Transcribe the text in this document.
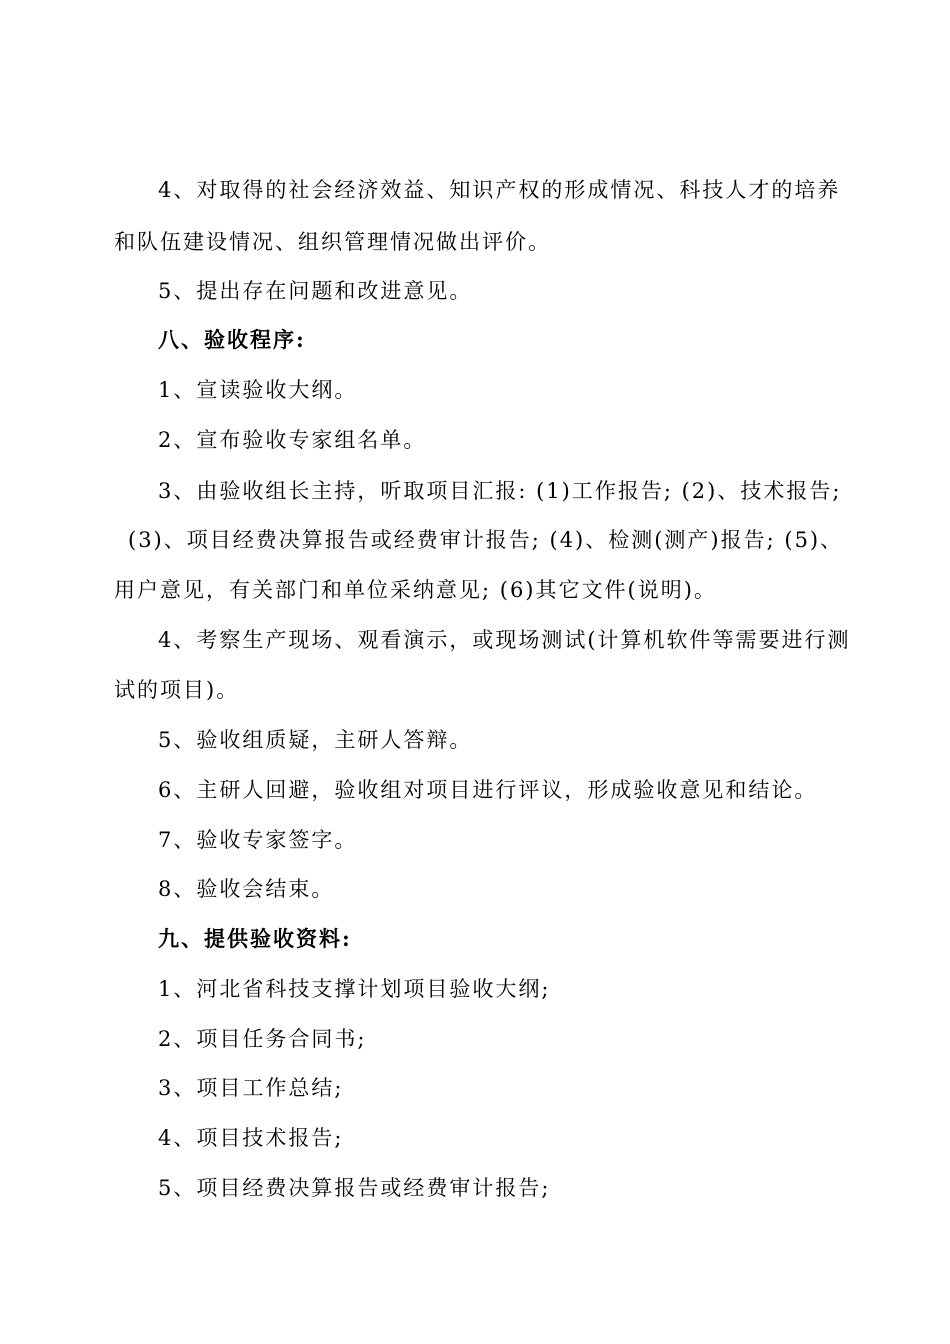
4、对取得的社会经济效益、知识产权的形成情况、科技人才的培养
和队伍建设情况、组织管理情况做出评价。
5、提出存在问题和改进意见。
八、验收程序:
1、宣读验收大纲。
2、宣布验收专家组名单。
3、由验收组长主持，听取项目汇报: (1)工作报告; (2)、技术报告;
(3)、项目经费决算报告或经费审计报告; (4)、检测(测产)报告; (5)、
用户意见，有关部门和单位采纳意见; (6)其它文件(说明)。
4、考察生产现场、观看演示，或现场测试(计算机软件等需要进行测
试的项目)。
5、验收组质疑，主研人答辩。
6、主研人回避，验收组对项目进行评议，形成验收意见和结论。
7、验收专家签字。
8、验收会结束。
九、提供验收资料:
1、河北省科技支撑计划项目验收大纲;
2、项目任务合同书;
3、项目工作总结;
4、项目技术报告;
5、项目经费决算报告或经费审计报告;
